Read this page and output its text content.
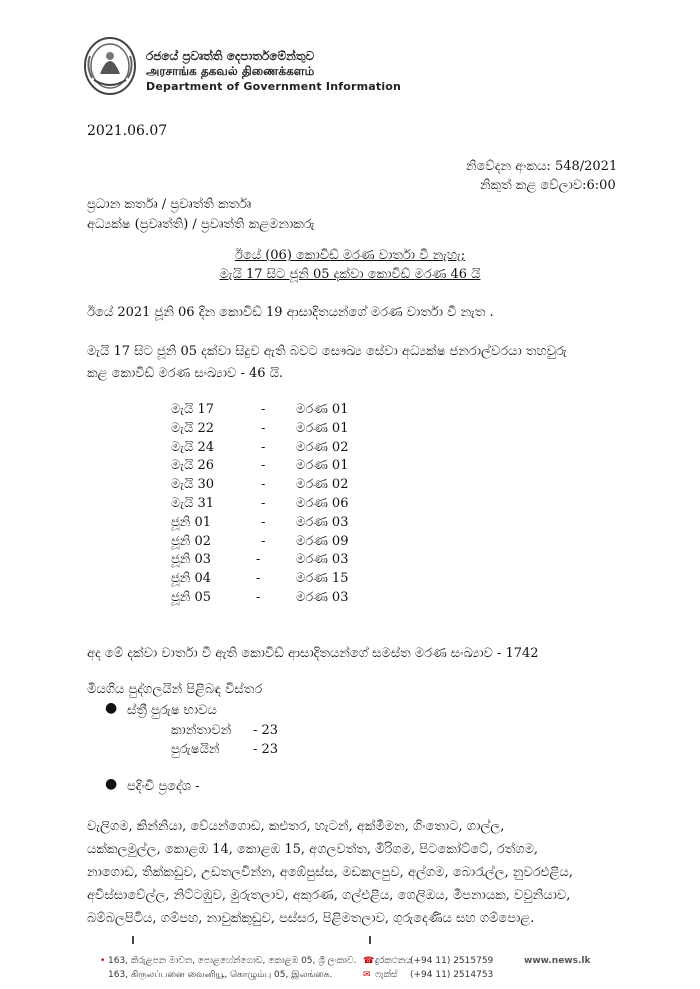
රජයේ ප්‍රවෘත්ති දෙපාර්තමේන්තුව
அரசாங்க தகவல் திணைக்களம்
Department of Government Information
2021.06.07
නිවේදන අංකය: 548/2021
නිකුත් කළ වේලාව:6:00
ප්‍රධාන කර්තෘ / ප්‍රවෘත්ති කර්තෘ
අධ්‍යක්ෂ (ප්‍රවෘත්ති) / ප්‍රවෘත්ති කළමනාකරු
ඊයේ (06) කොවිඩ් මරණ වාර්තා වී නැහැ;
මැයි 17 සිට ජූනි 05 දක්වා කොවිඩ් මරණ 46 යි
ඊයේ 2021 ජූනි 06 දින කොවිඩ් 19 ආසාදිතයන්ගේ මරණ වාර්තා වී නැත .
මැයි 17 සිට ජූනි 05 දක්වා සිදුව ඇති බවට සෞඛ්‍ය සේවා අධ්‍යක්ෂ ජනරාල්වරයා තහවුරු
කළ කොවිඩ් මරණ සංඛ්‍යාව - 46 යි.
මැයි 17	- මරණ 01
මැයි 22	- මරණ 01
මැයි 24	- මරණ 02
මැයි 26	- මරණ 01
මැයි 30	- මරණ 02
මැයි 31	- මරණ 06
ජූනි 01	- මරණ 03
ජූනි 02	- මරණ 09
ජූනි 03	-	මරණ 03
ජූනි 04	-	මරණ 15
ජූනි 05	-	මරණ 03
අද මේ දක්වා වාර්තා වී ඇති කොවිඩ් ආසාදිතයන්ගේ සමස්ත මරණ සංඛ්‍යාව - 1742
මියගිය පුද්ගලයින් පිළිබඳ විස්තර
● ස්ත්‍රී පුරුෂ භාවය
කාන්තාවන් - 23
පුරුෂයින්	- 23
● පදිංචි ප්‍රදේශ -
වැලිගම, කින්නියා, වේයන්ගොඩ, කළුතර, හැටන්, අක්මීමන, ගිංතොට, ගාල්ල,
යක්කලමුල්ල, කොළඹ 14, කොළඹ 15, අගලවත්ත, මිරිගම, පිටකෝට්ටේ, රත්ගම,
නාගොඩ, තික්කඩුව, උඩතලවින්න, අඹේපුස්ස, මඩකලපුව, අල්ගම, බොරැල්ල, නුවරඑළිය,
අවිස්සාවේල්ල, නිට්ටඹුව, මුරුතලාව, අකුරණ, ගල්එළිය, ගෙලිඔය, මීපනායක, වවුනියාව,
බම්බලපිටිය, ගම්පහ, නාවුක්කුඩුව, පස්සර, පිළිමතලාව, ගුරුදෙණිය සහ ගම්පොළ.
• 163, කිරුළපන මාවත, පොළහේන්ගොඩ, කොළඹ 05, ශ්‍රී ලංකාව.
163, கிருலப்பனை வைனியூ, கொழும்பு 05, இலங்கை.
☎ දුරකථනය
(+94 11) 2515759
✉ ෆැක්ස් (+94 11) 2514753
www.news.lk
